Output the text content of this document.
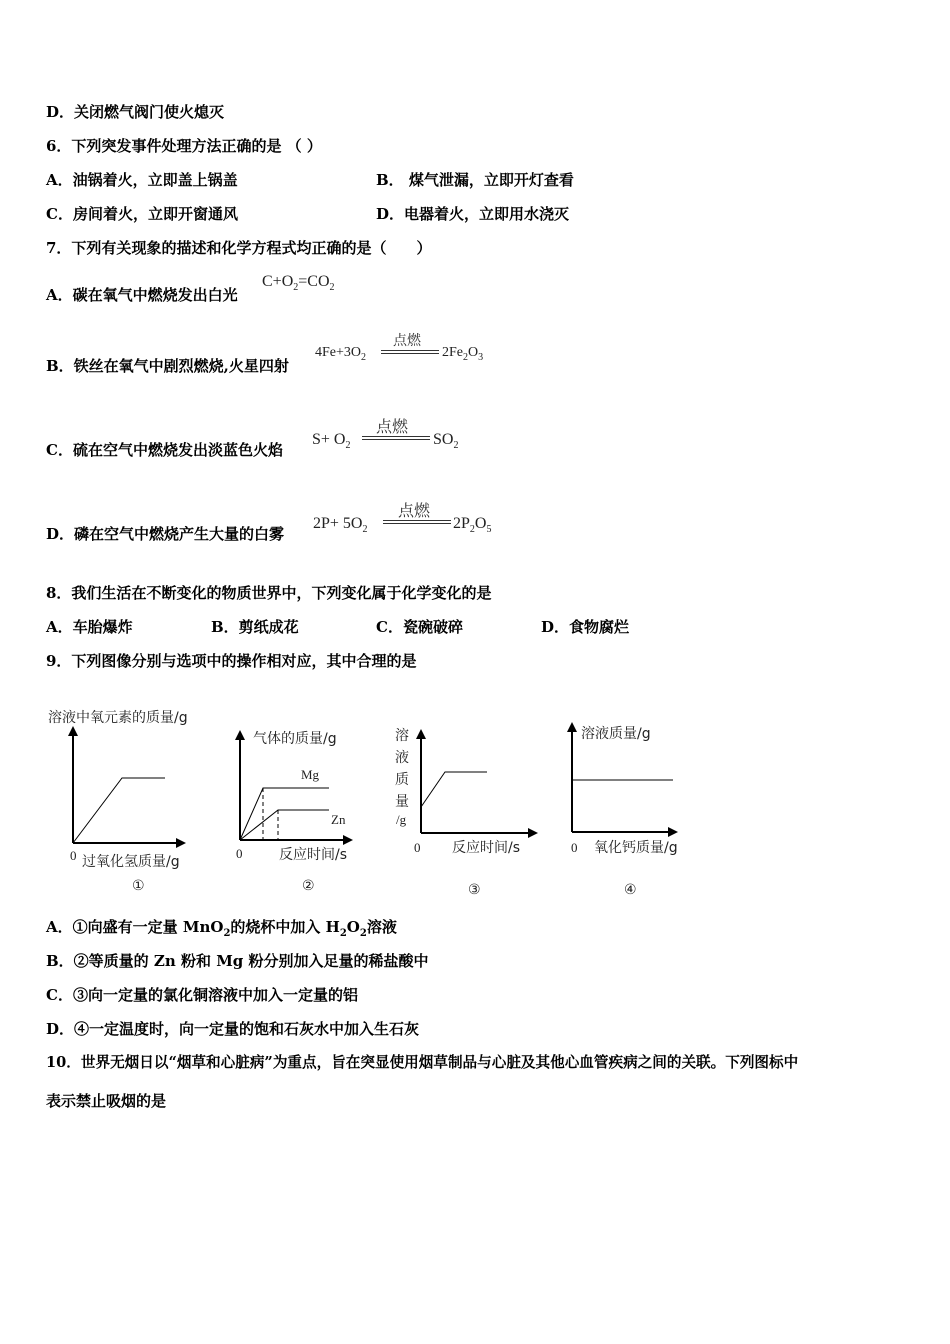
D．关闭燃气阀门使火熄灭
6．下列突发事件处理方法正确的是 （ ）
A．油锅着火，立即盖上锅盖	B． 煤气泄漏，立即开灯查看
C．房间着火，立即开窗通风	D．电器着火，立即用水浇灭
7．下列有关现象的描述和化学方程式均正确的是（　　）
A．碳在氧气中燃烧发出白光
$C+O_2=CO_2$
B．铁丝在氧气中剧烈燃烧,火星四射
$4Fe+3O_2$
点燃
$2Fe_2O_3$
C．硫在空气中燃烧发出淡蓝色火焰
$S+ O_2$
点燃
$SO_2$
D．磷在空气中燃烧产生大量的白雾
$2P+ 5O_2$
点燃
$2P_2O_5$
8．我们生活在不断变化的物质世界中，下列变化属于化学变化的是
A．车胎爆炸	B．剪纸成花	C．瓷碗破碎	D．食物腐烂
9．下列图像分别与选项中的操作相对应，其中合理的是
溶液中氧元素的质量/g
0 过氧化氢质量/g
①
气体的质量/g
Mg
Zn
0	反应时间/s
②
溶
液
质
量
/g
0 反应时间/s
③
溶液质量/g
0 氧化钙质量/g
④
A．①向盛有一定量 MnO$_2$的烧杯中加入 $H_2O_2$溶液
B．②等质量的 Zn 粉和 Mg 粉分别加入足量的稀盐酸中
C．③向一定量的氯化铜溶液中加入一定量的铝
D．④一定温度时，向一定量的饱和石灰水中加入生石灰
10．世界无烟日以“烟草和心脏病”为重点，旨在突显使用烟草制品与心脏及其他心血管疾病之间的关联。下列图标中
表示禁止吸烟的是
